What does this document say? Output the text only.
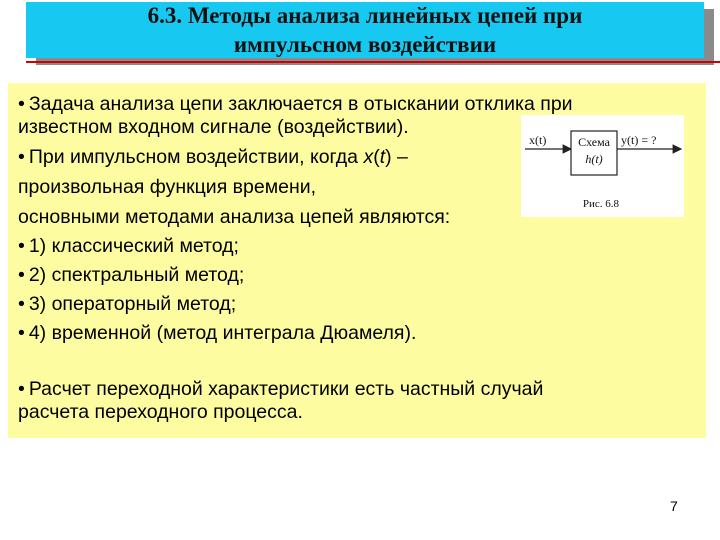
6.3. Методы анализа линейных цепей при
импульсном воздействии
• Задача анализа цепи заключается в отыскании отклика при
известном входном сигнале (воздействии).
• При импульсном воздействии, когда x(t) –
произвольная функция времени,
основными методами анализа цепей являются:
• 1) классический метод;
• 2) спектральный метод;
• 3) операторный метод;
• 4) временной (метод интеграла Дюамеля).
• Расчет переходной характеристики есть частный случай
расчета переходного процесса.
x(t)	Схема
h(t)
y(t) = ?
Рис. 6.8
7
